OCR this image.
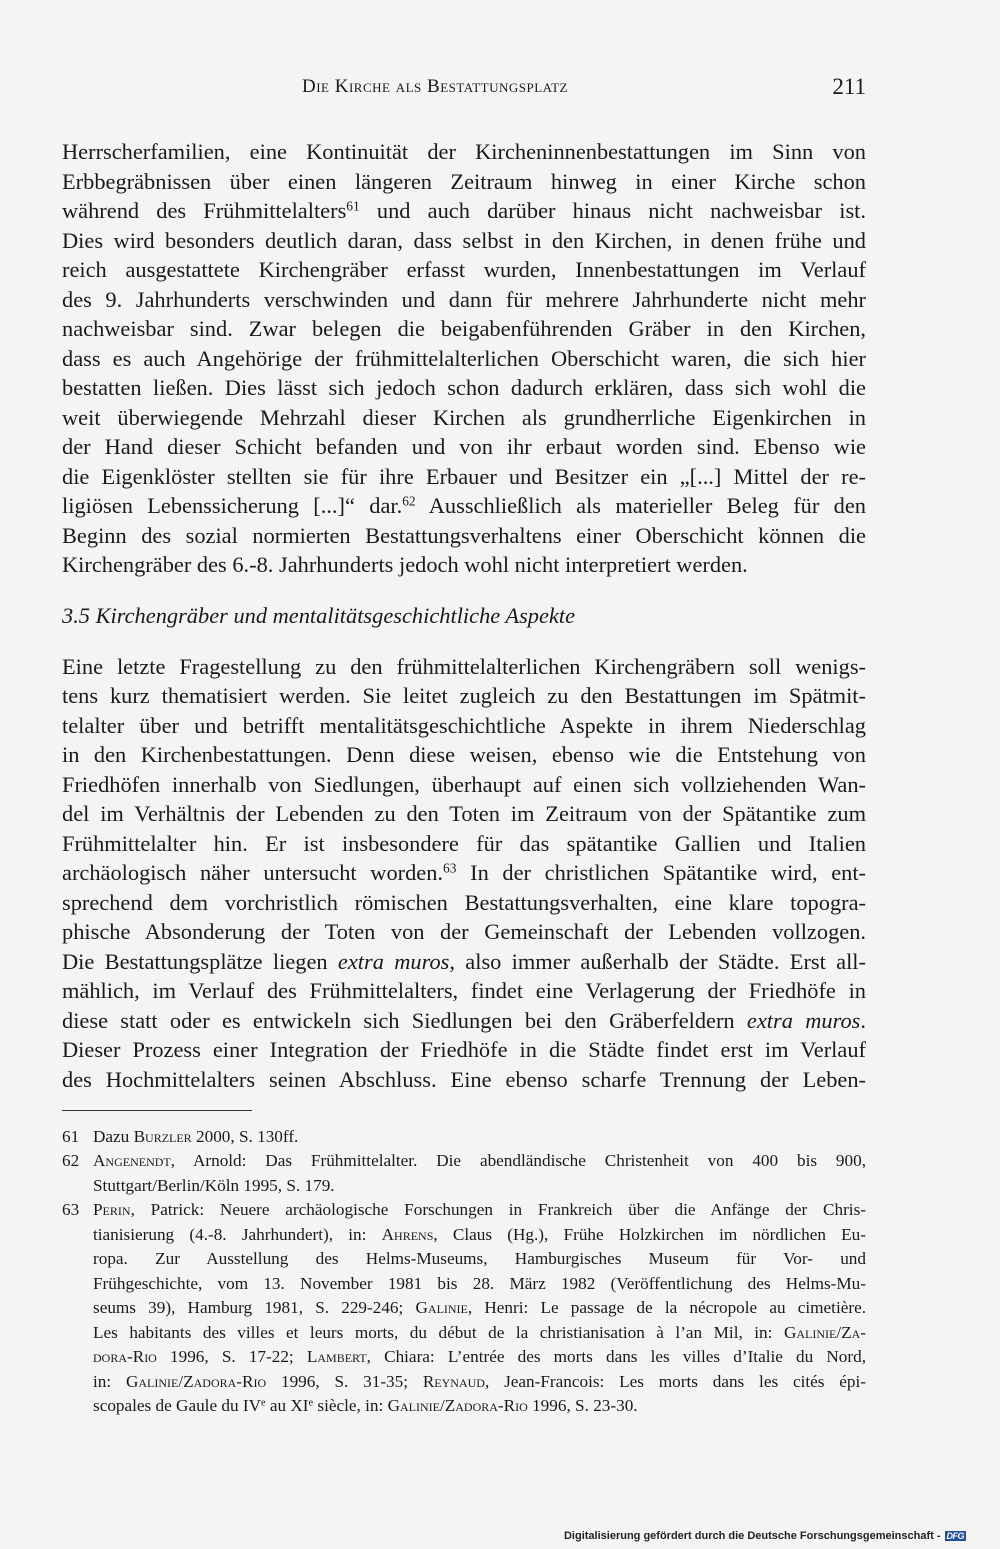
Die Kirche als Bestattungsplatz	211
Herrscherfamilien, eine Kontinuität der Kircheninnenbestattungen im Sinn von
Erbbegräbnissen über einen längeren Zeitraum hinweg in einer Kirche schon
während des Frühmittelalters$^{61}$ und auch darüber hinaus nicht nachweisbar ist.
Dies wird besonders deutlich daran, dass selbst in den Kirchen, in denen frühe und
reich ausgestattete Kirchengräber erfasst wurden, Innenbestattungen im Verlauf
des 9. Jahrhunderts verschwinden und dann für mehrere Jahrhunderte nicht mehr
nachweisbar sind. Zwar belegen die beigabenführenden Gräber in den Kirchen,
dass es auch Angehörige der frühmittelalterlichen Oberschicht waren, die sich hier
bestatten ließen. Dies lässt sich jedoch schon dadurch erklären, dass sich wohl die
weit überwiegende Mehrzahl dieser Kirchen als grundherrliche Eigenkirchen in
der Hand dieser Schicht befanden und von ihr erbaut worden sind. Ebenso wie
die Eigenklöster stellten sie für ihre Erbauer und Besitzer ein „[...] Mittel der re-
ligiösen Lebenssicherung [...]“ dar.$^{62}$ Ausschließlich als materieller Beleg für den
Beginn des sozial normierten Bestattungsverhaltens einer Oberschicht können die
Kirchengräber des 6.-8. Jahrhunderts jedoch wohl nicht interpretiert werden.
3.5 Kirchengräber und mentalitätsgeschichtliche Aspekte
Eine letzte Fragestellung zu den frühmittelalterlichen Kirchengräbern soll wenigs-
tens kurz thematisiert werden. Sie leitet zugleich zu den Bestattungen im Spätmit-
telalter über und betrifft mentalitätsgeschichtliche Aspekte in ihrem Niederschlag
in den Kirchenbestattungen. Denn diese weisen, ebenso wie die Entstehung von
Friedhöfen innerhalb von Siedlungen, überhaupt auf einen sich vollziehenden Wan-
del im Verhältnis der Lebenden zu den Toten im Zeitraum von der Spätantike zum
Frühmittelalter hin. Er ist insbesondere für das spätantike Gallien und Italien
archäologisch näher untersucht worden.$^{63}$ In der christlichen Spätantike wird, ent-
sprechend dem vorchristlich römischen Bestattungsverhalten, eine klare topogra-
phische Absonderung der Toten von der Gemeinschaft der Lebenden vollzogen.
Die Bestattungsplätze liegen extra muros, also immer außerhalb der Städte. Erst all-
mählich, im Verlauf des Frühmittelalters, findet eine Verlagerung der Friedhöfe in
diese statt oder es entwickeln sich Siedlungen bei den Gräberfeldern extra muros.
Dieser Prozess einer Integration der Friedhöfe in die Städte findet erst im Verlauf
des Hochmittelalters seinen Abschluss. Eine ebenso scharfe Trennung der Leben-
61 Dazu Burzler 2000, S. 130ff.
62 Angenendt, Arnold: Das Frühmittelalter. Die abendländische Christenheit von 400 bis 900,
Stuttgart/Berlin/Köln 1995, S. 179.
63 Perin, Patrick: Neuere archäologische Forschungen in Frankreich über die Anfänge der Chris-
tianisierung (4.-8. Jahrhundert), in: Ahrens, Claus (Hg.), Frühe Holzkirchen im nördlichen Eu-
ropa. Zur Ausstellung des Helms-Museums, Hamburgisches Museum für Vor- und
Frühgeschichte, vom 13. November 1981 bis 28. März 1982 (Veröffentlichung des Helms-Mu-
seums 39), Hamburg 1981, S. 229-246; Galinie, Henri: Le passage de la nécropole au cimetière.
Les habitants des villes et leurs morts, du début de la christianisation à l’an Mil, in: Galinie/Za-
dora-Rio 1996, S. 17-22; Lambert, Chiara: L’entrée des morts dans les villes d’Italie du Nord,
in: Galinie/Zadora-Rio 1996, S. 31-35; Reynaud, Jean-Francois: Les morts dans les cités épi-
scopales de Gaule du IVe au XIe siècle, in: Galinie/Zadora-Rio 1996, S. 23-30.
Digitalisierung gefördert durch die Deutsche Forschungsgemeinschaft - DFG
